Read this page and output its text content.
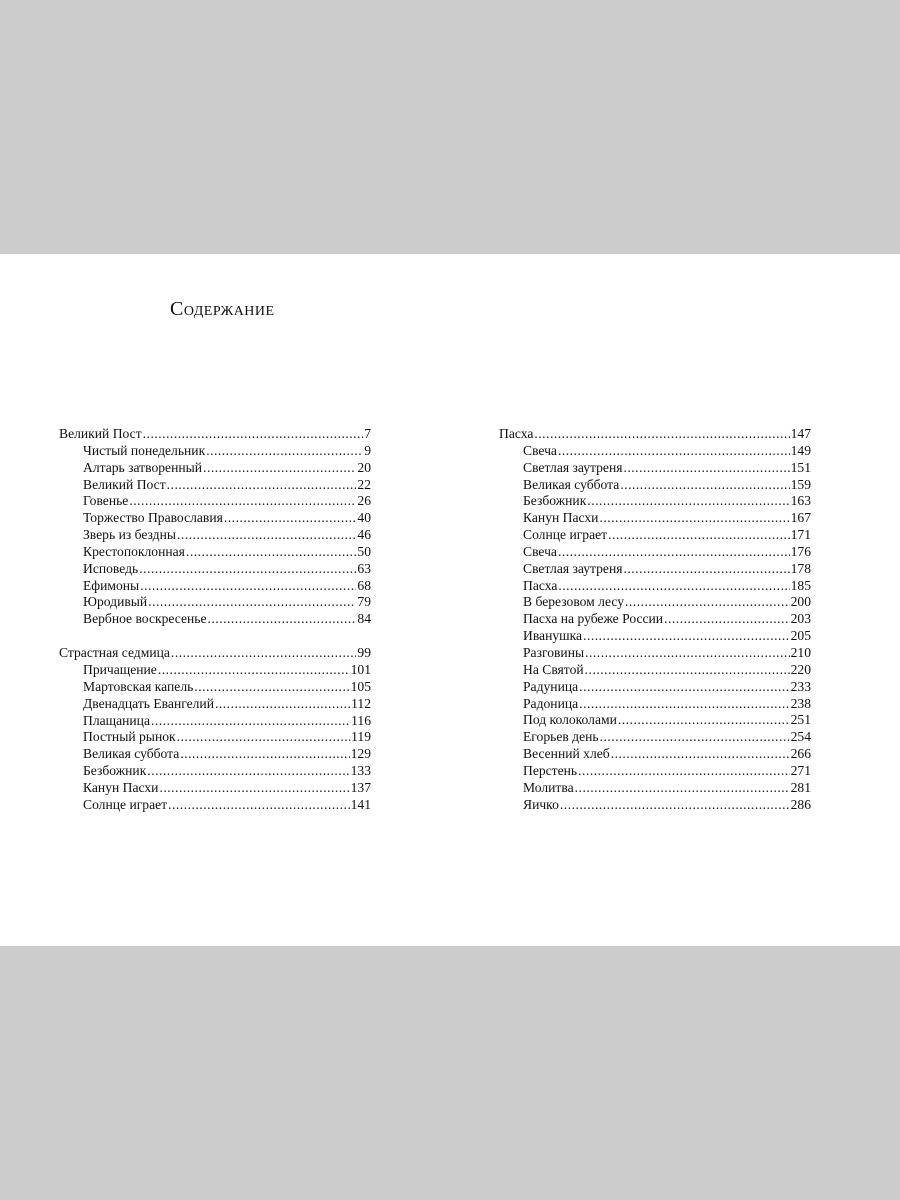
Содержание
Великий Пост .....	7
Чистый понедельник .....	9
Алтарь затворенный .....	20
Великий Пост .....	22
Говенье .....	26
Торжество Православия .....	40
Зверь из бездны .....	46
Крестопоклонная .....	50
Исповедь .....	63
Ефимоны .....	68
Юродивый .....	79
Вербное воскресенье .....	84
Страстная седмица .....	99
Причащение .....	101
Мартовская капель .....	105
Двенадцать Евангелий .....	112
Плащаница .....	116
Постный рынок .....	119
Великая суббота .....	129
Безбожник .....	133
Канун Пасхи .....	137
Солнце играет .....	141
Пасха .....	147
Свеча .....	149
Светлая заутреня .....	151
Великая суббота .....	159
Безбожник .....	163
Канун Пасхи .....	167
Солнце играет .....	171
Свеча .....	176
Светлая заутреня .....	178
Пасха .....	185
В березовом лесу .....	200
Пасха на рубеже России .....	203
Иванушка .....	205
Разговины .....	210
На Святой .....	220
Радуница .....	233
Радоница .....	238
Под колоколами .....	251
Егорьев день .....	254
Весенний хлеб .....	266
Перстень .....	271
Молитва .....	281
Яичко .....	286
